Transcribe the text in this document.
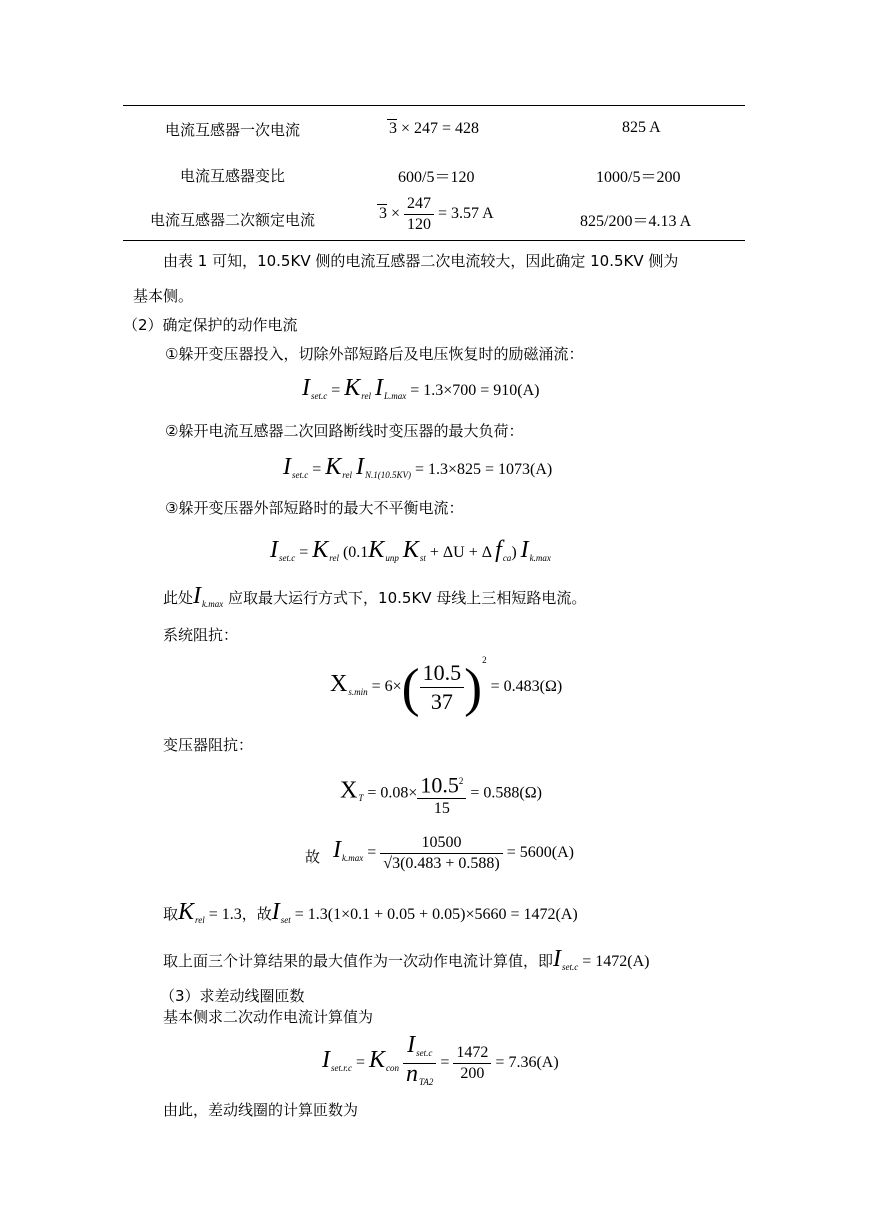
电流互感器一次电流	3 × 247 = 428	825 A
电流互感器变比	600/5＝120	1000/5＝200
电流互感器二次额定电流	$3 \times \frac{247}{120} = 3.57$ A	825/200＝4.13 A
由表 1 可知，10.5KV 侧的电流互感器二次电流较大，因此确定 10.5KV 侧为
基本侧。
（2）确定保护的动作电流
①躲开变压器投入，切除外部短路后及电压恢复时的励磁涌流：
$I_{set.c} = K_{rel}$ $I_{L.max} = 1.3\times 700 = 910(A)$
②躲开电流互感器二次回路断线时变压器的最大负荷：
$I_{set.c} = K_{rel}$ $I_{N.1(10.5KV)} = 1.3\times 825 = 1073(A)$
③躲开变压器外部短路时的最大不平衡电流：
$I_{set.c} = K_{rel}$ ($0.1K_{unp}$ $K_{st} + \Delta U + \Delta$ $f_{ca}$) $I_{k.max}$
此处$I_{k.max}$ 应取最大运行方式下，10.5KV 母线上三相短路电流。
系统阻抗：
$X_{s.min} = 6\times( \frac{10.5}{37} )^2 = 0.483(\Omega)$
变压器阻抗：
$X_T = 0.08\times \frac{10.5^2}{15} = 0.588(\Omega)$
故 $I_{k.max} = \frac{10500}{√3(0.483 + 0.588)} = 5600(A)$
取$K_{rel} = 1.3$，故$I_{set} = 1.3(1\times 0.1 + 0.05 + 0.05)\times 5660 = 1472(A)$
取上面三个计算结果的最大值作为一次动作电流计算值，即$I_{set.c} = 1472(A)$
（3）求差动线圈匝数
基本侧求二次动作电流计算值为
$I_{set.r.c} = K_{con} \frac{I_{set.c}}{n_{TA2}} = \frac{1472}{200} = 7.36(A)$
由此，差动线圈的计算匝数为
